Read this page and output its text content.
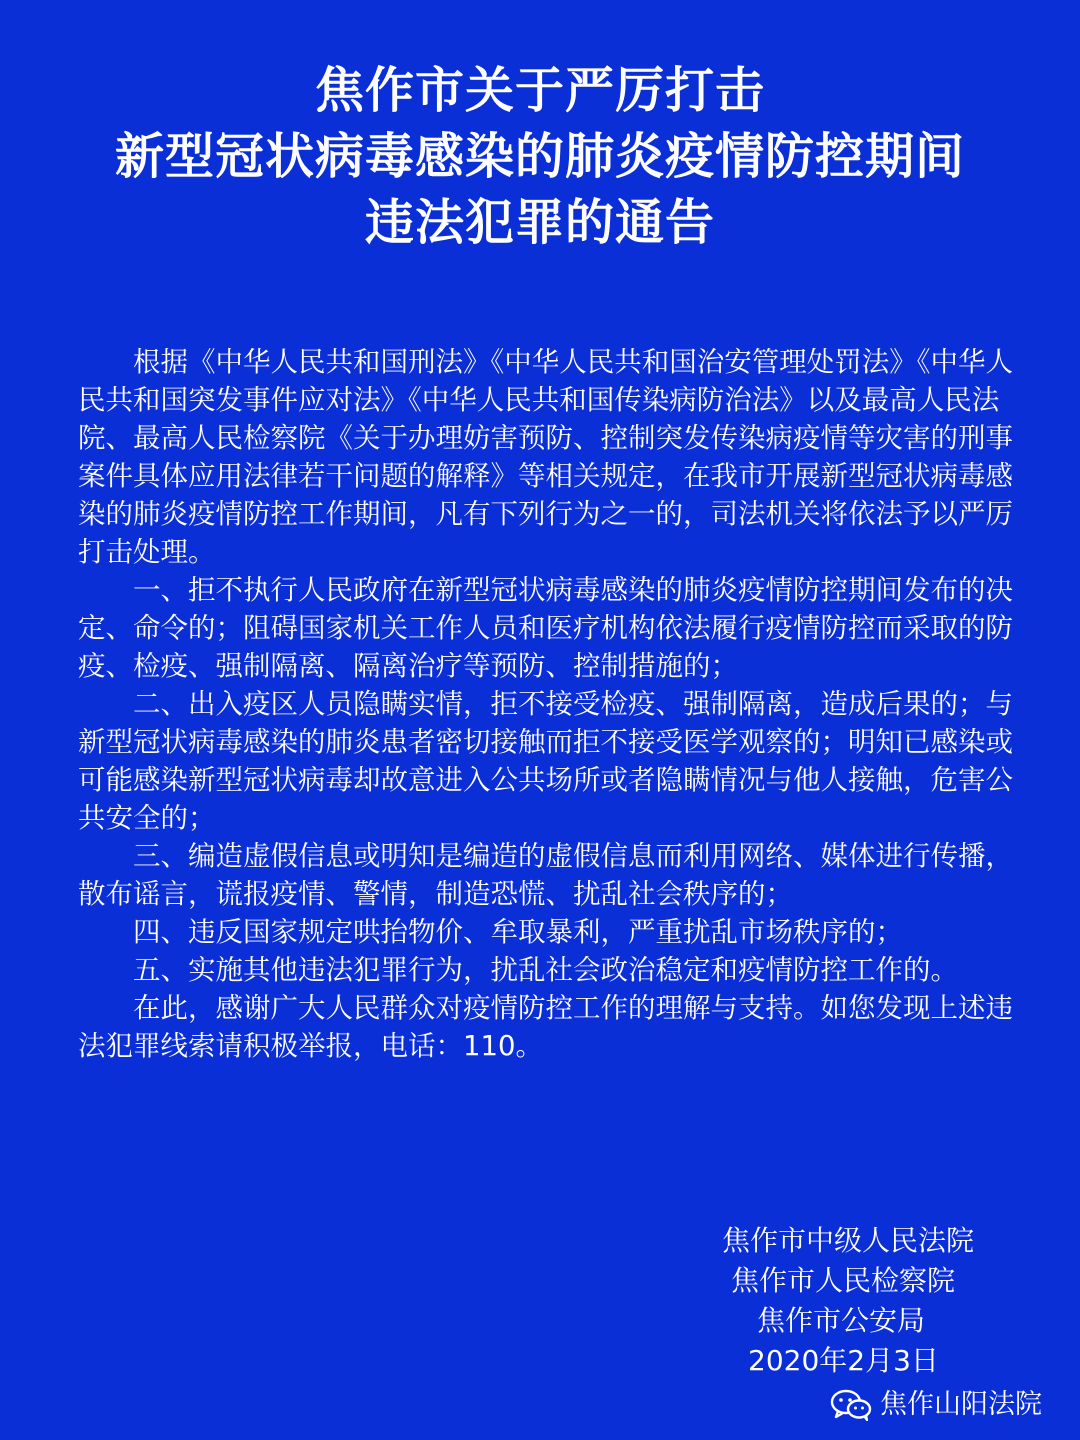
焦作市关于严厉打击
新型冠状病毒感染的肺炎疫情防控期间
违法犯罪的通告

根据《中华人民共和国刑法》《中华人民共和国治安管理处罚法》《中华人民共和国突发事件应对法》《中华人民共和国传染病防治法》以及最高人民法院、最高人民检察院《关于办理妨害预防、控制突发传染病疫情等灾害的刑事案件具体应用法律若干问题的解释》等相关规定，在我市开展新型冠状病毒感染的肺炎疫情防控工作期间，凡有下列行为之一的，司法机关将依法予以严厉打击处理。

一、拒不执行人民政府在新型冠状病毒感染的肺炎疫情防控期间发布的决定、命令的；阻碍国家机关工作人员和医疗机构依法履行疫情防控而采取的防疫、检疫、强制隔离、隔离治疗等预防、控制措施的；

二、出入疫区人员隐瞒实情，拒不接受检疫、强制隔离，造成后果的；与新型冠状病毒感染的肺炎患者密切接触而拒不接受医学观察的；明知已感染或可能感染新型冠状病毒却故意进入公共场所或者隐瞒情况与他人接触，危害公共安全的；

三、编造虚假信息或明知是编造的虚假信息而利用网络、媒体进行传播，散布谣言，谎报疫情、警情，制造恐慌、扰乱社会秩序的；

四、违反国家规定哄抬物价、牟取暴利，严重扰乱市场秩序的；

五、实施其他违法犯罪行为，扰乱社会政治稳定和疫情防控工作的。

在此，感谢广大人民群众对疫情防控工作的理解与支持。如您发现上述违法犯罪线索请积极举报，电话：110。

焦作市中级人民法院
焦作市人民检察院
焦作市公安局
2020年2月3日
焦作山阳法院
